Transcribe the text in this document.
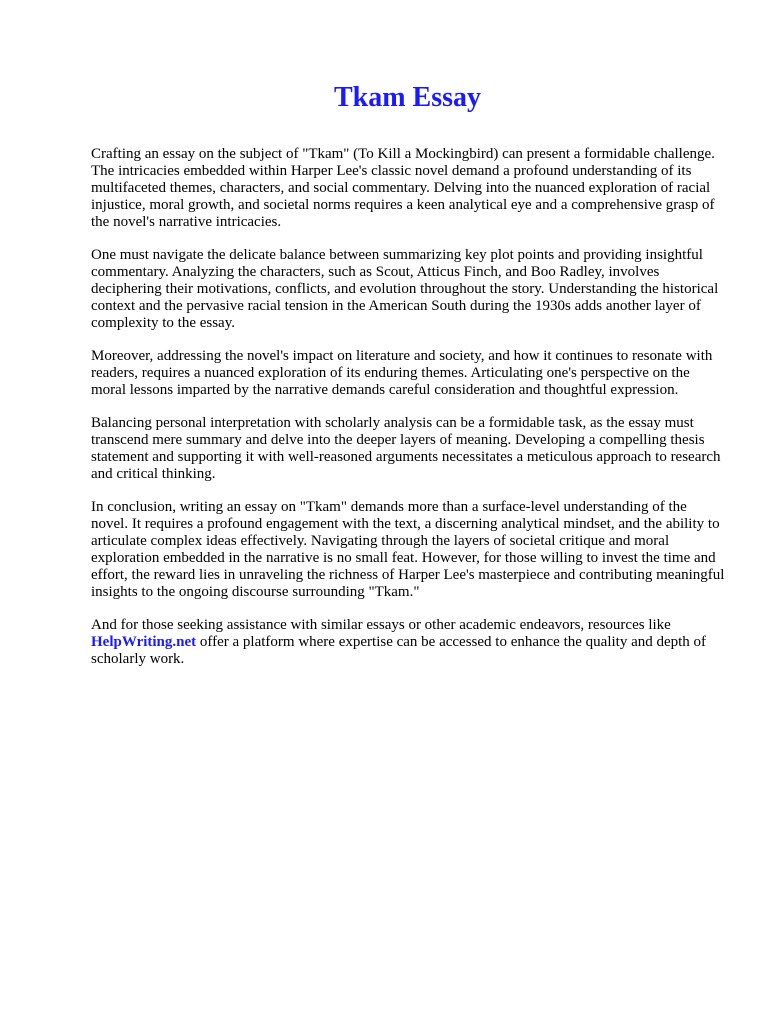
Tkam Essay

Crafting an essay on the subject of "Tkam" (To Kill a Mockingbird) can present a formidable challenge. The intricacies embedded within Harper Lee's classic novel demand a profound understanding of its multifaceted themes, characters, and social commentary. Delving into the nuanced exploration of racial injustice, moral growth, and societal norms requires a keen analytical eye and a comprehensive grasp of the novel's narrative intricacies.

One must navigate the delicate balance between summarizing key plot points and providing insightful commentary. Analyzing the characters, such as Scout, Atticus Finch, and Boo Radley, involves deciphering their motivations, conflicts, and evolution throughout the story. Understanding the historical context and the pervasive racial tension in the American South during the 1930s adds another layer of complexity to the essay.

Moreover, addressing the novel's impact on literature and society, and how it continues to resonate with readers, requires a nuanced exploration of its enduring themes. Articulating one's perspective on the moral lessons imparted by the narrative demands careful consideration and thoughtful expression.

Balancing personal interpretation with scholarly analysis can be a formidable task, as the essay must transcend mere summary and delve into the deeper layers of meaning. Developing a compelling thesis statement and supporting it with well-reasoned arguments necessitates a meticulous approach to research and critical thinking.

In conclusion, writing an essay on "Tkam" demands more than a surface-level understanding of the novel. It requires a profound engagement with the text, a discerning analytical mindset, and the ability to articulate complex ideas effectively. Navigating through the layers of societal critique and moral exploration embedded in the narrative is no small feat. However, for those willing to invest the time and effort, the reward lies in unraveling the richness of Harper Lee's masterpiece and contributing meaningful insights to the ongoing discourse surrounding "Tkam."

And for those seeking assistance with similar essays or other academic endeavors, resources like HelpWriting.net offer a platform where expertise can be accessed to enhance the quality and depth of scholarly work.
